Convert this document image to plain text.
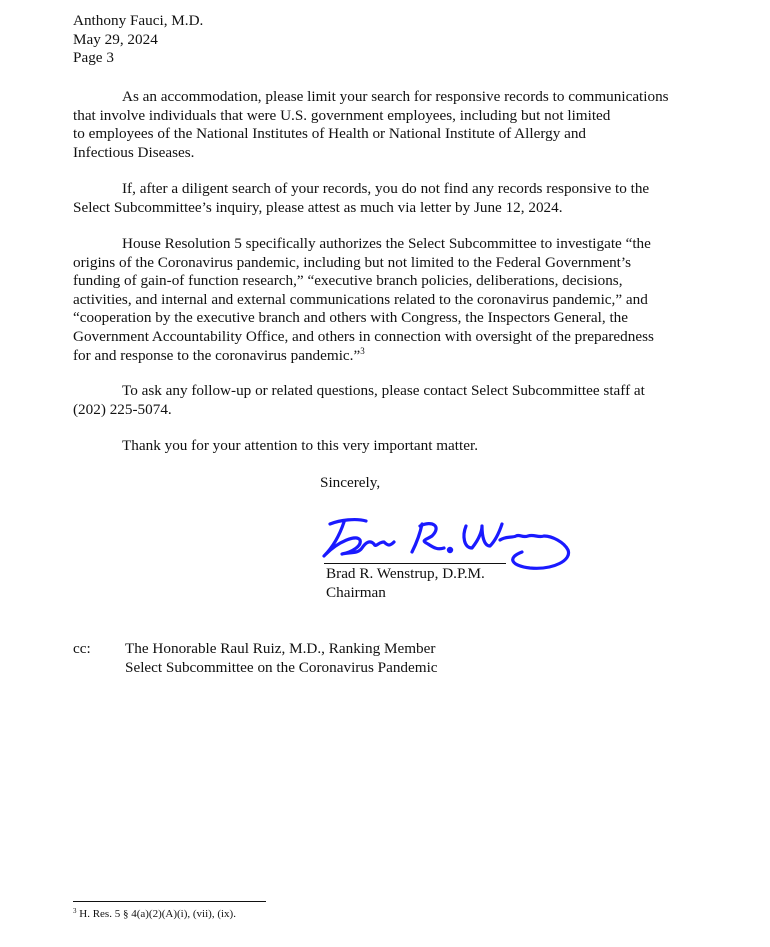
Anthony Fauci, M.D.
May 29, 2024
Page 3

As an accommodation, please limit your search for responsive records to communications
that involve individuals that were U.S. government employees, including but not limited
to employees of the National Institutes of Health or National Institute of Allergy and
Infectious Diseases.

If, after a diligent search of your records, you do not find any records responsive to the
Select Subcommittee’s inquiry, please attest as much via letter by June 12, 2024.

House Resolution 5 specifically authorizes the Select Subcommittee to investigate “the
origins of the Coronavirus pandemic, including but not limited to the Federal Government’s
funding of gain-of function research,” “executive branch policies, deliberations, decisions,
activities, and internal and external communications related to the coronavirus pandemic,” and
“cooperation by the executive branch and others with Congress, the Inspectors General, the
Government Accountability Office, and others in connection with oversight of the preparedness
for and response to the coronavirus pandemic.”$^3$

To ask any follow-up or related questions, please contact Select Subcommittee staff at
(202) 225-5074.

Thank you for your attention to this very important matter.

Sincerely,
Brad R. Wenstrup, D.P.M.
Chairman
cc: The Honorable Raul Ruiz, M.D., Ranking Member
Select Subcommittee on the Coronavirus Pandemic
$^3$ H. Res. 5 § 4(a)(2)(A)(i), (vii), (ix).
